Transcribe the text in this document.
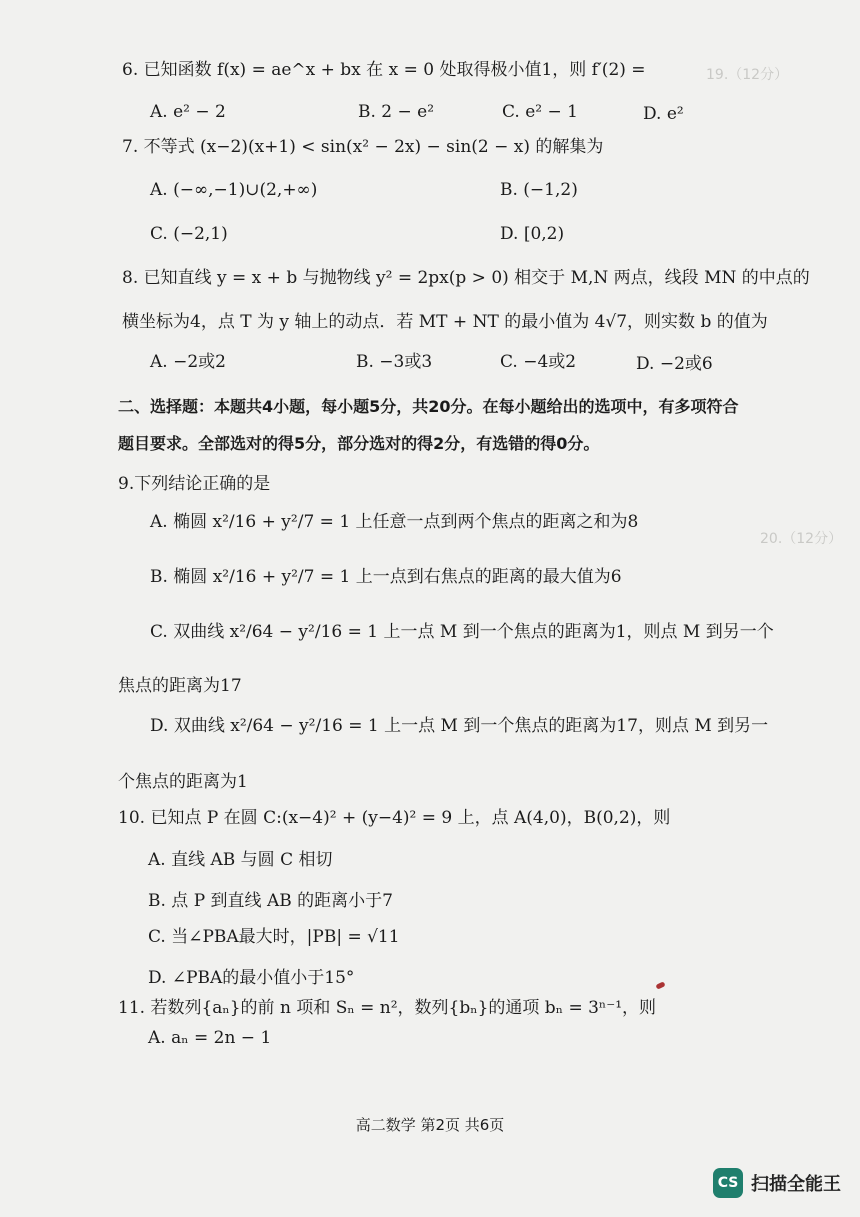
19.（12分）
20.（12分）
6. 已知函数 f(x) = ae^x + bx 在 x = 0 处取得极小值1，则 f′(2) =
A. e² − 2	B. 2 − e²	C. e² − 1	D. e²
7. 不等式 (x−2)(x+1) < sin(x² − 2x) − sin(2 − x) 的解集为
A. (−∞,−1)∪(2,+∞)	B. (−1,2)
C. (−2,1)	D. [0,2)
8. 已知直线 y = x + b 与抛物线 y² = 2px(p > 0) 相交于 M,N 两点，线段 MN 的中点的
横坐标为4，点 T 为 y 轴上的动点．若 MT + NT 的最小值为 4√7，则实数 b 的值为
A. −2或2	B. −3或3	C. −4或2	D. −2或6
二、选择题：本题共4小题，每小题5分，共20分。在每小题给出的选项中，有多项符合
题目要求。全部选对的得5分，部分选对的得2分，有选错的得0分。
9.下列结论正确的是
A. 椭圆 x²/16 + y²/7 = 1 上任意一点到两个焦点的距离之和为8
B. 椭圆 x²/16 + y²/7 = 1 上一点到右焦点的距离的最大值为6
C. 双曲线 x²/64 − y²/16 = 1 上一点 M 到一个焦点的距离为1，则点 M 到另一个
焦点的距离为17
D. 双曲线 x²/64 − y²/16 = 1 上一点 M 到一个焦点的距离为17，则点 M 到另一
个焦点的距离为1
10. 已知点 P 在圆 C:(x−4)² + (y−4)² = 9 上，点 A(4,0)，B(0,2)，则
A. 直线 AB 与圆 C 相切
B. 点 P 到直线 AB 的距离小于7
C. 当∠PBA最大时，|PB| = √11
D. ∠PBA的最小值小于15°
11. 若数列{aₙ}的前 n 项和 Sₙ = n²，数列{bₙ}的通项 bₙ = 3ⁿ⁻¹，则
A. aₙ = 2n − 1
高二数学 第2页 共6页
CS 扫描全能王
